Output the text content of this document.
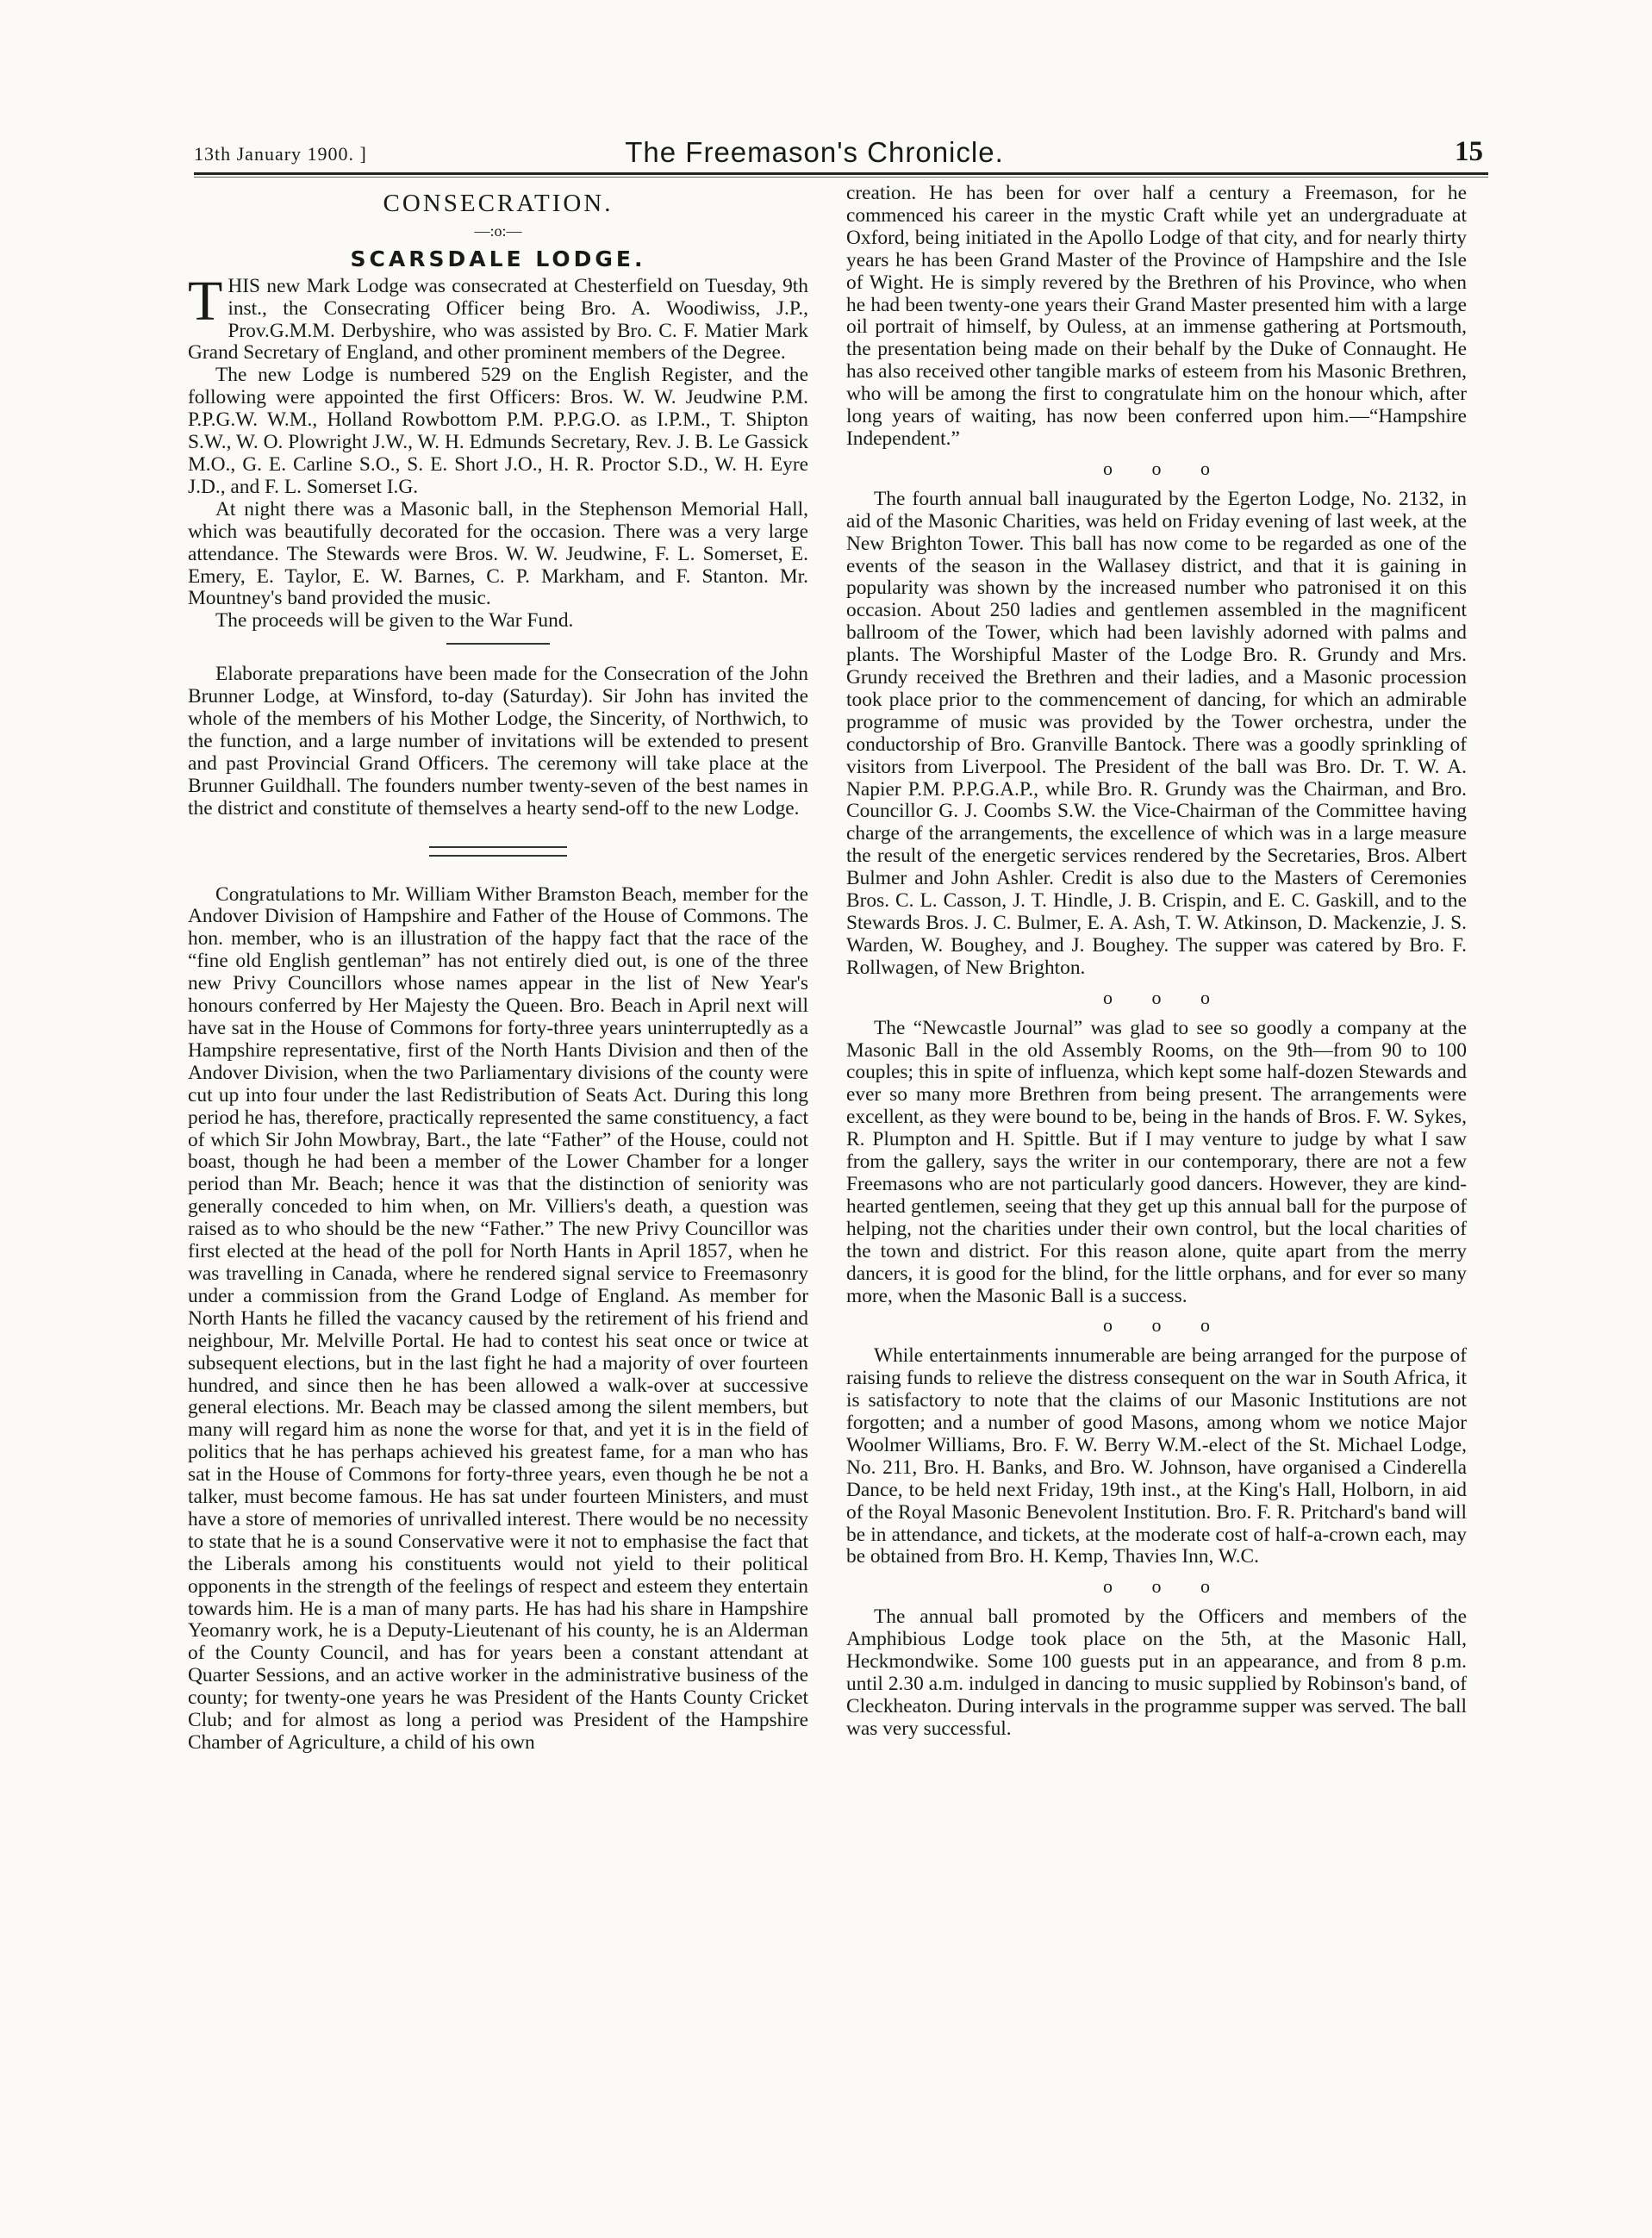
13th January 1900. ]	The Freemason's Chronicle.	15
CONSECRATION.
—:o:—
SCARSDALE LODGE.

THIS new Mark Lodge was consecrated at Chesterfield on Tuesday, 9th inst., the Consecrating Officer being Bro. A. Woodiwiss, J.P., Prov.G.M.M. Derbyshire, who was assisted by Bro. C. F. Matier Mark Grand Secretary of England, and other prominent members of the Degree.

The new Lodge is numbered 529 on the English Register, and the following were appointed the first Officers: Bros. W. W. Jeudwine P.M. P.P.G.W. W.M., Holland Rowbottom P.M. P.P.G.O. as I.P.M., T. Shipton S.W., W. O. Plowright J.W., W. H. Edmunds Secretary, Rev. J. B. Le Gassick M.O., G. E. Carline S.O., S. E. Short J.O., H. R. Proctor S.D., W. H. Eyre J.D., and F. L. Somerset I.G.

At night there was a Masonic ball, in the Stephenson Memorial Hall, which was beautifully decorated for the occasion. There was a very large attendance. The Stewards were Bros. W. W. Jeudwine, F. L. Somerset, E. Emery, E. Taylor, E. W. Barnes, C. P. Markham, and F. Stanton. Mr. Mountney's band provided the music.

The proceeds will be given to the War Fund.

Elaborate preparations have been made for the Consecration of the John Brunner Lodge, at Winsford, to-day (Saturday). Sir John has invited the whole of the members of his Mother Lodge, the Sincerity, of Northwich, to the function, and a large number of invitations will be extended to present and past Provincial Grand Officers. The ceremony will take place at the Brunner Guildhall. The founders number twenty-seven of the best names in the district and constitute of themselves a hearty send-off to the new Lodge.

Congratulations to Mr. William Wither Bramston Beach, member for the Andover Division of Hampshire and Father of the House of Commons. The hon. member, who is an illustration of the happy fact that the race of the “fine old English gentleman” has not entirely died out, is one of the three new Privy Councillors whose names appear in the list of New Year's honours conferred by Her Majesty the Queen. Bro. Beach in April next will have sat in the House of Commons for forty-three years uninterruptedly as a Hampshire representative, first of the North Hants Division and then of the Andover Division, when the two Parliamentary divisions of the county were cut up into four under the last Redistribution of Seats Act. During this long period he has, therefore, practically represented the same constituency, a fact of which Sir John Mowbray, Bart., the late “Father” of the House, could not boast, though he had been a member of the Lower Chamber for a longer period than Mr. Beach; hence it was that the distinction of seniority was generally conceded to him when, on Mr. Villiers's death, a question was raised as to who should be the new “Father.” The new Privy Councillor was first elected at the head of the poll for North Hants in April 1857, when he was travelling in Canada, where he rendered signal service to Freemasonry under a commission from the Grand Lodge of England. As member for North Hants he filled the vacancy caused by the retirement of his friend and neighbour, Mr. Melville Portal. He had to contest his seat once or twice at subsequent elections, but in the last fight he had a majority of over fourteen hundred, and since then he has been allowed a walk-over at successive general elections. Mr. Beach may be classed among the silent members, but many will regard him as none the worse for that, and yet it is in the field of politics that he has perhaps achieved his greatest fame, for a man who has sat in the House of Commons for forty-three years, even though he be not a talker, must become famous. He has sat under fourteen Ministers, and must have a store of memories of unrivalled interest. There would be no necessity to state that he is a sound Conservative were it not to emphasise the fact that the Liberals among his constituents would not yield to their political opponents in the strength of the feelings of respect and esteem they entertain towards him. He is a man of many parts. He has had his share in Hampshire Yeomanry work, he is a Deputy-Lieutenant of his county, he is an Alderman of the County Council, and has for years been a constant attendant at Quarter Sessions, and an active worker in the administrative business of the county; for twenty-one years he was President of the Hants County Cricket Club; and for almost as long a period was President of the Hampshire Chamber of Agriculture, a child of his own

creation. He has been for over half a century a Freemason, for he commenced his career in the mystic Craft while yet an undergraduate at Oxford, being initiated in the Apollo Lodge of that city, and for nearly thirty years he has been Grand Master of the Province of Hampshire and the Isle of Wight. He is simply revered by the Brethren of his Province, who when he had been twenty-one years their Grand Master presented him with a large oil portrait of himself, by Ouless, at an immense gathering at Portsmouth, the presentation being made on their behalf by the Duke of Connaught. He has also received other tangible marks of esteem from his Masonic Brethren, who will be among the first to congratulate him on the honour which, after long years of waiting, has now been conferred upon him.—“Hampshire Independent.”

o o o

The fourth annual ball inaugurated by the Egerton Lodge, No. 2132, in aid of the Masonic Charities, was held on Friday evening of last week, at the New Brighton Tower. This ball has now come to be regarded as one of the events of the season in the Wallasey district, and that it is gaining in popularity was shown by the increased number who patronised it on this occasion. About 250 ladies and gentlemen assembled in the magnificent ballroom of the Tower, which had been lavishly adorned with palms and plants. The Worshipful Master of the Lodge Bro. R. Grundy and Mrs. Grundy received the Brethren and their ladies, and a Masonic procession took place prior to the commencement of dancing, for which an admirable programme of music was provided by the Tower orchestra, under the conductorship of Bro. Granville Bantock. There was a goodly sprinkling of visitors from Liverpool. The President of the ball was Bro. Dr. T. W. A. Napier P.M. P.P.G.A.P., while Bro. R. Grundy was the Chairman, and Bro. Councillor G. J. Coombs S.W. the Vice-Chairman of the Committee having charge of the arrangements, the excellence of which was in a large measure the result of the energetic services rendered by the Secretaries, Bros. Albert Bulmer and John Ashler. Credit is also due to the Masters of Ceremonies Bros. C. L. Casson, J. T. Hindle, J. B. Crispin, and E. C. Gaskill, and to the Stewards Bros. J. C. Bulmer, E. A. Ash, T. W. Atkinson, D. Mackenzie, J. S. Warden, W. Boughey, and J. Boughey. The supper was catered by Bro. F. Rollwagen, of New Brighton.

o o o

The “Newcastle Journal” was glad to see so goodly a company at the Masonic Ball in the old Assembly Rooms, on the 9th—from 90 to 100 couples; this in spite of influenza, which kept some half-dozen Stewards and ever so many more Brethren from being present. The arrangements were excellent, as they were bound to be, being in the hands of Bros. F. W. Sykes, R. Plumpton and H. Spittle. But if I may venture to judge by what I saw from the gallery, says the writer in our contemporary, there are not a few Freemasons who are not particularly good dancers. However, they are kind-hearted gentlemen, seeing that they get up this annual ball for the purpose of helping, not the charities under their own control, but the local charities of the town and district. For this reason alone, quite apart from the merry dancers, it is good for the blind, for the little orphans, and for ever so many more, when the Masonic Ball is a success.

o o o

While entertainments innumerable are being arranged for the purpose of raising funds to relieve the distress consequent on the war in South Africa, it is satisfactory to note that the claims of our Masonic Institutions are not forgotten; and a number of good Masons, among whom we notice Major Woolmer Williams, Bro. F. W. Berry W.M.-elect of the St. Michael Lodge, No. 211, Bro. H. Banks, and Bro. W. Johnson, have organised a Cinderella Dance, to be held next Friday, 19th inst., at the King's Hall, Holborn, in aid of the Royal Masonic Benevolent Institution. Bro. F. R. Pritchard's band will be in attendance, and tickets, at the moderate cost of half-a-crown each, may be obtained from Bro. H. Kemp, Thavies Inn, W.C.

o o o

The annual ball promoted by the Officers and members of the Amphibious Lodge took place on the 5th, at the Masonic Hall, Heckmondwike. Some 100 guests put in an appearance, and from 8 p.m. until 2.30 a.m. indulged in dancing to music supplied by Robinson's band, of Cleckheaton. During intervals in the programme supper was served. The ball was very successful.
